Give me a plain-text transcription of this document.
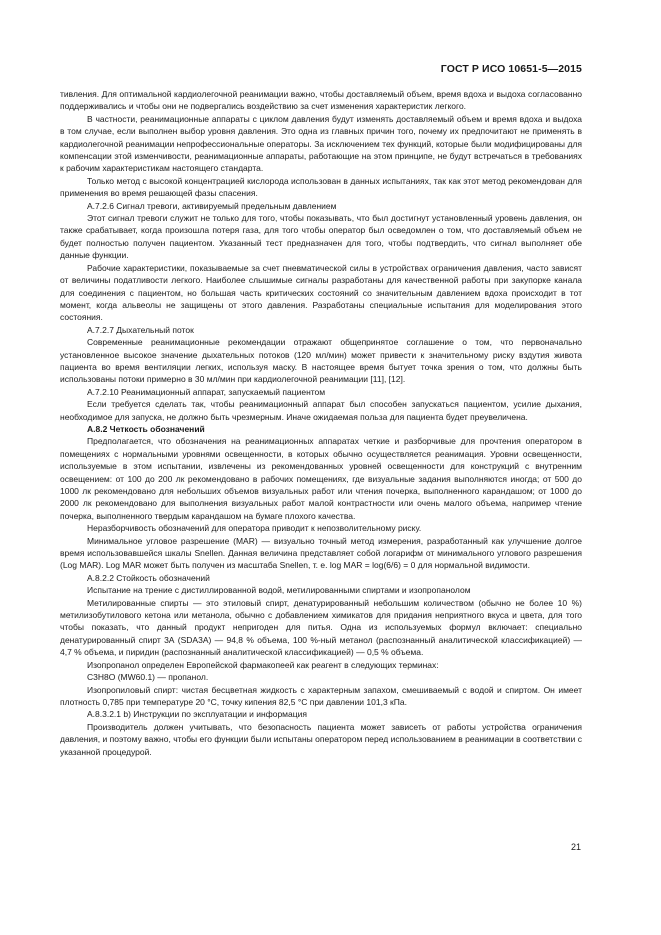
ГОСТ Р ИСО 10651-5—2015

тивления. Для оптимальной кардиолегочной реанимации важно, чтобы доставляемый объем, время вдоха и выдоха согласованно поддерживались и чтобы они не подвергались воздействию за счет изменения характеристик легкого.

В частности, реанимационные аппараты с циклом давления будут изменять доставляемый объем и время вдоха и выдоха в том случае, если выполнен выбор уровня давления. Это одна из главных причин того, почему их предпочитают не применять в кардиолегочной реанимации непрофессиональные операторы. За исключением тех функций, которые были модифицированы для компенсации этой изменчивости, реанимационные аппараты, работающие на этом принципе, не будут встречаться в требованиях к рабочим характеристикам настоящего стандарта.

Только метод с высокой концентрацией кислорода использован в данных испытаниях, так как этот метод рекомендован для применения во время решающей фазы спасения.

А.7.2.6 Сигнал тревоги, активируемый предельным давлением

Этот сигнал тревоги служит не только для того, чтобы показывать, что был достигнут установленный уровень давления, он также срабатывает, когда произошла потеря газа, для того чтобы оператор был осведомлен о том, что доставляемый объем не будет полностью получен пациентом. Указанный тест предназначен для того, чтобы подтвердить, что сигнал выполняет обе данные функции.

Рабочие характеристики, показываемые за счет пневматической силы в устройствах ограничения давления, часто зависят от величины податливости легкого. Наиболее слышимые сигналы разработаны для качественной работы при закупорке канала для соединения с пациентом, но большая часть критических состояний со значительным давлением вдоха происходит в тот момент, когда альвеолы не защищены от этого давления. Разработаны специальные испытания для моделирования этого состояния.

А.7.2.7 Дыхательный поток

Современные реанимационные рекомендации отражают общепринятое соглашение о том, что первоначально установленное высокое значение дыхательных потоков (120 мл/мин) может привести к значительному риску вздутия живота пациента во время вентиляции легких, используя маску. В настоящее время бытует точка зрения о том, что должны быть использованы потоки примерно в 30 мл/мин при кардиолегочной реанимации [11], [12].

А.7.2.10 Реанимационный аппарат, запускаемый пациентом

Если требуется сделать так, чтобы реанимационный аппарат был способен запускаться пациентом, усилие дыхания, необходимое для запуска, не должно быть чрезмерным. Иначе ожидаемая польза для пациента будет преувеличена.

А.8.2 Четкость обозначений

Предполагается, что обозначения на реанимационных аппаратах четкие и разборчивые для прочтения оператором в помещениях с нормальными уровнями освещенности, в которых обычно осуществляется реанимация. Уровни освещенности, используемые в этом испытании, извлечены из рекомендованных уровней освещенности для конструкций с внутренним освещением: от 100 до 200 лк рекомендовано в рабочих помещениях, где визуальные задания выполняются иногда; от 500 до 1000 лк рекомендовано для небольших объемов визуальных работ или чтения почерка, выполненного карандашом; от 1000 до 2000 лк рекомендовано для выполнения визуальных работ малой контрастности или очень малого объема, например чтение почерка, выполненного твердым карандашом на бумаге плохого качества.

Неразборчивость обозначений для оператора приводит к непозволительному риску.

Минимальное угловое разрешение (MAR) — визуально точный метод измерения, разработанный как улучшение долгое время использовавшейся шкалы Snellen. Данная величина представляет собой логарифм от минимального углового разрешения (Log MAR). Log MAR может быть получен из масштаба Snellen, т. е. log MAR = log(6/6) = 0 для нормальной видимости.

А.8.2.2 Стойкость обозначений

Испытание на трение с дистиллированной водой, метилированными спиртами и изопропанолом

Метилированные спирты — это этиловый спирт, денатурированный небольшим количеством (обычно не более 10 %) метилизобутилового кетона или метанола, обычно с добавлением химикатов для придания неприятного вкуса и цвета, для того чтобы показать, что данный продукт непригоден для питья. Одна из используемых формул включает: специально денатурированный спирт 3А (SDA3A) — 94,8 % объема, 100 %-ный метанол (распознанный аналитической классификацией) — 4,7 % объема, и пиридин (распознанный аналитической классификацией) — 0,5 % объема.

Изопропанол определен Европейской фармакопеей как реагент в следующих терминах:

C3H8O (MW60.1) — пропанол.

Изопропиловый спирт: чистая бесцветная жидкость с характерным запахом, смешиваемый с водой и спиртом. Он имеет плотность 0,785 при температуре 20 °С, точку кипения 82,5 °С при давлении 101,3 кПа.

А.8.3.2.1 b) Инструкции по эксплуатации и информация

Производитель должен учитывать, что безопасность пациента может зависеть от работы устройства ограничения давления, и поэтому важно, чтобы его функции были испытаны оператором перед использованием в реанимации в соответствии с указанной процедурой.

21
